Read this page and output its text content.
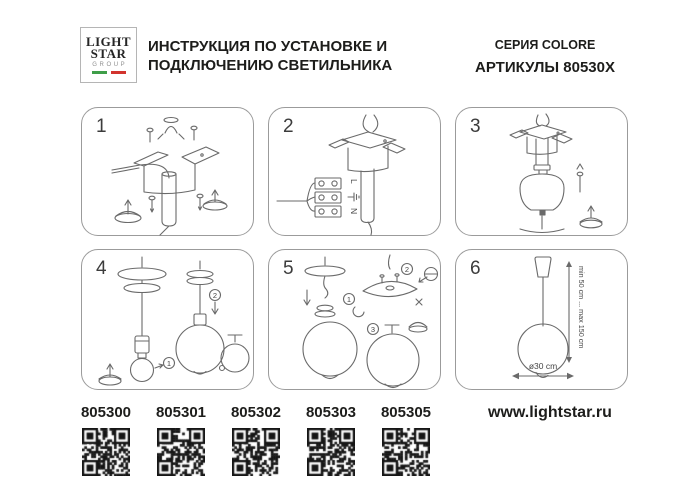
LIGHT
STAR
GROUP
ИНСТРУКЦИЯ ПО УСТАНОВКЕ И
ПОДКЛЮЧЕНИЮ СВЕТИЛЬНИКА
СЕРИЯ COLORE
АРТИКУЛЫ 80530X
1	2
L
N
3
4
1
2
5
1
2
3
6	min 50 cm ... max 150 cm
ø30 cm
805300 805301 805302 805303 805305	www.lightstar.ru
